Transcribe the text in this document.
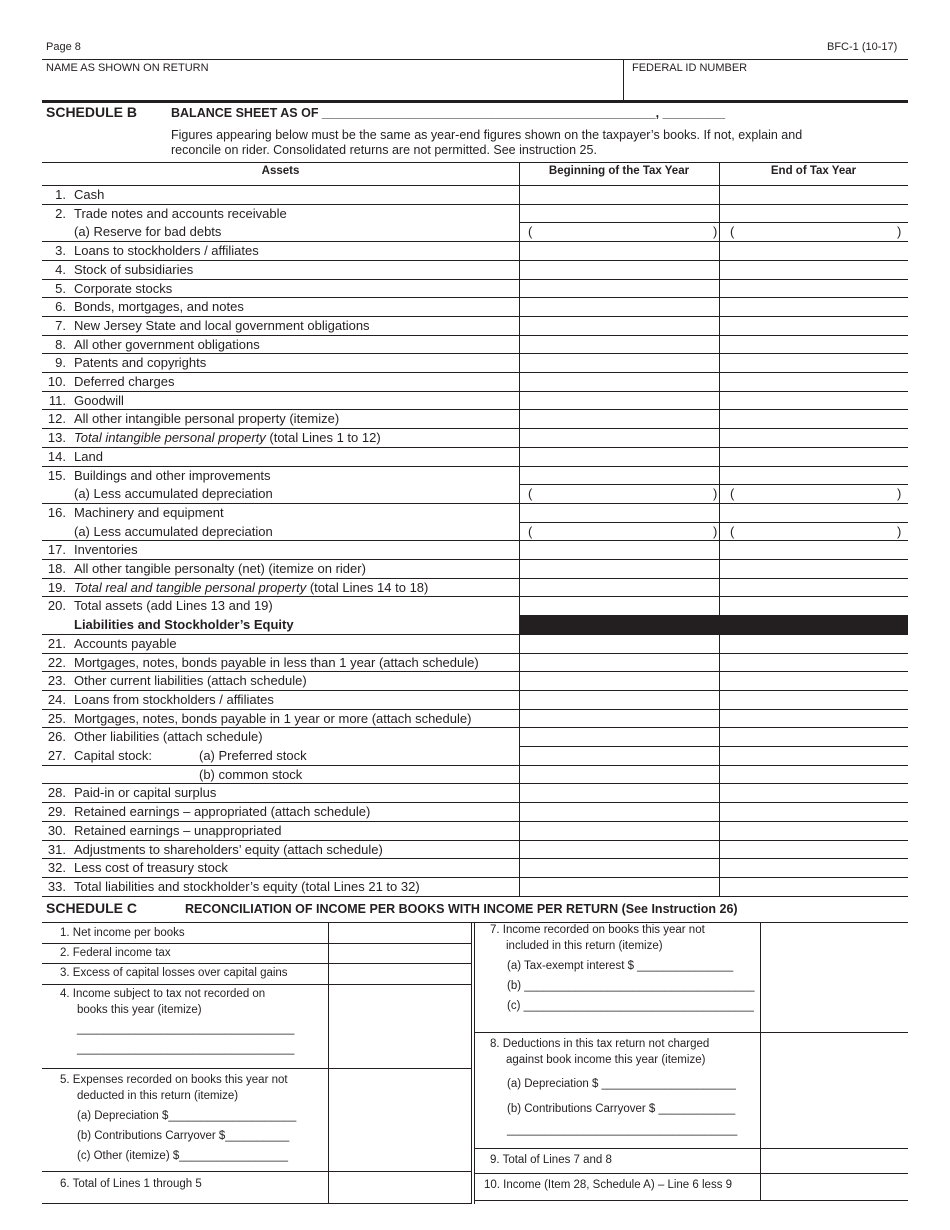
Page 8	BFC-1 (10-17)
NAME AS SHOWN ON RETURN	FEDERAL ID NUMBER
SCHEDULE B	BALANCE SHEET AS OF ________________________________________________, _________
Figures appearing below must be the same as year-end figures shown on the taxpayer’s books. If not, explain and
reconcile on rider. Consolidated returns are not permitted. See instruction 25.
Assets	Beginning of the Tax Year	End of Tax Year
1. Cash
2. Trade notes and accounts receivable
(a) Reserve for bad debts	(	) (	)
3. Loans to stockholders / affiliates
4. Stock of subsidiaries
5. Corporate stocks
6. Bonds, mortgages, and notes
7. New Jersey State and local government obligations
8. All other government obligations
9. Patents and copyrights
10. Deferred charges
11. Goodwill
12. All other intangible personal property (itemize)
13. Total intangible personal property (total Lines 1 to 12)
14. Land
15. Buildings and other improvements
(a) Less accumulated depreciation	(	) (	)
16. Machinery and equipment
(a) Less accumulated depreciation	(	) (	)
17. Inventories
18. All other tangible personalty (net) (itemize on rider)
19. Total real and tangible personal property (total Lines 14 to 18)
20. Total assets (add Lines 13 and 19)
Liabilities and Stockholder’s Equity
21. Accounts payable
22. Mortgages, notes, bonds payable in less than 1 year (attach schedule)
23. Other current liabilities (attach schedule)
24. Loans from stockholders / affiliates
25. Mortgages, notes, bonds payable in 1 year or more (attach schedule)
26. Other liabilities (attach schedule)
27. Capital stock:	(a) Preferred stock
(b) common stock
28. Paid-in or capital surplus
29. Retained earnings – appropriated (attach schedule)
30. Retained earnings – unappropriated
31. Adjustments to shareholders’ equity (attach schedule)
32. Less cost of treasury stock
33. Total liabilities and stockholder’s equity (total Lines 21 to 32)
SCHEDULE C	RECONCILIATION OF INCOME PER BOOKS WITH INCOME PER RETURN (See Instruction 26)
1. Net income per books
2. Federal income tax
3. Excess of capital losses over capital gains
4. Income subject to tax not recorded on
books this year (itemize)
__________________________________
__________________________________
5. Expenses recorded on books this year not
deducted in this return (itemize)
(a) Depreciation $____________________
(b) Contributions Carryover $__________
(c) Other (itemize) $_________________
6. Total of Lines 1 through 5
7. Income recorded on books this year not
included in this return (itemize)
(a) Tax-exempt interest $ _______________
(b) ____________________________________
(c) ____________________________________
8. Deductions in this tax return not charged
against book income this year (itemize)
(a) Depreciation $ _____________________
(b) Contributions Carryover $ ____________
____________________________________
9. Total of Lines 7 and 8
10. Income (Item 28, Schedule A) – Line 6 less 9
